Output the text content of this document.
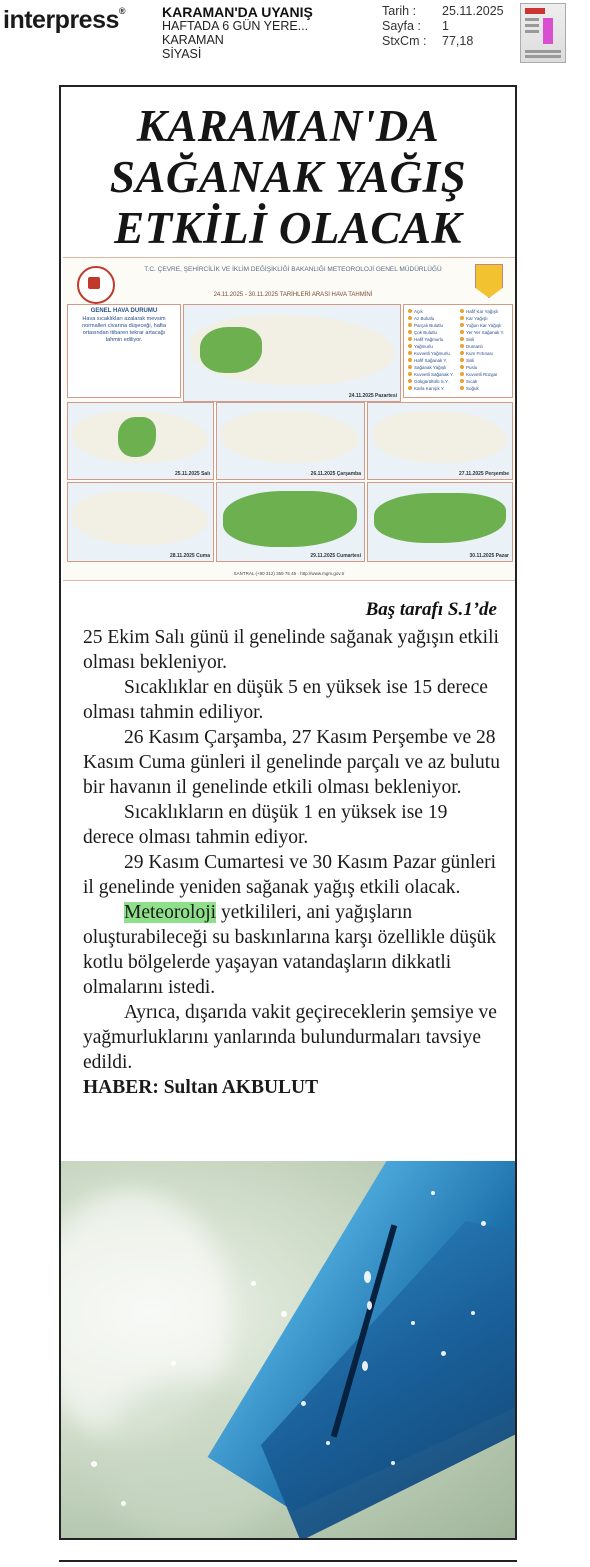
interpress®	KARAMAN'DA UYANIŞ
HAFTADA 6 GÜN YERE...
KARAMAN
SİYASİ
Tarih : 25.11.2025
Sayfa : 1
StxCm : 77,18
KARAMAN'DA
SAĞANAK YAĞIŞ
ETKİLİ OLACAK
T.C. ÇEVRE, ŞEHİRCİLİK VE İKLİM DEĞİŞİKLİĞİ BAKANLIĞI METEOROLOJİ GENEL MÜDÜRLÜĞÜ
24.11.2025 - 30.11.2025 TARİHLERİ ARASI HAVA TAHMİNİ
GENEL HAVA DURUMU
Hava sıcaklıkları azalarak mevsim normalleri civarına düşeceği, hafta ortasından itibaren tekrar artacağı tahmin ediliyor.
24.11.2025 Pazartesi
Açık
Az Bulutlu
Parçalı Bulutlu
Çok Bulutlu
Hafif Yağmurlu
Yağmurlu
Kuvvetli Yağmurlu
Hafif Sağanak Y.
Sağanak Yağışlı
Kuvvetli Sağanak Y.
Gökgürültülü S.Y.
Karla Karışık Y.
Hafif Kar Yağışlı
Kar Yağışlı
Yoğun Kar Yağışlı
Yer Yer Sağanak Y.
Sisli
Dumanlı
Kum Fırtınası
Sisli
Puslu
Kuvvetli Rüzgar
Sıcak
Soğuk
25.11.2025 Salı	26.11.2025 Çarşamba	27.11.2025 Perşembe
28.11.2025 Cuma	29.11.2025 Cumartesi	30.11.2025 Pazar
SANTRAL (+90 312) 359 75 45 · http://www.mgm.gov.tr
Baş tarafı S.1’de

25 Ekim Salı günü il genelinde sağanak yağışın etkili olması bekleniyor.

Sıcaklıklar en düşük 5 en yüksek ise 15 derece olması tahmin ediliyor.

26 Kasım Çarşamba, 27 Kasım Perşembe ve 28 Kasım Cuma günleri il genelinde parçalı ve az bulutu bir havanın il genelinde etkili olması bekleniyor.

Sıcaklıkların en düşük 1 en yüksek ise 19 derece olması tahmin ediyor.

29 Kasım Cumartesi ve 30 Kasım Pazar günleri il genelinde yeniden sağanak yağış etkili olacak.

Meteoroloji yetkilileri, ani yağışların oluşturabileceği su baskınlarına karşı özellikle düşük kotlu bölgelerde yaşayan vatandaşların dikkatli olmalarını istedi.

Ayrıca, dışarıda vakit geçireceklerin şemsiye ve yağmurluklarını yanlarında bulundurmaları tavsiye edildi.

HABER: Sultan AKBULUT
